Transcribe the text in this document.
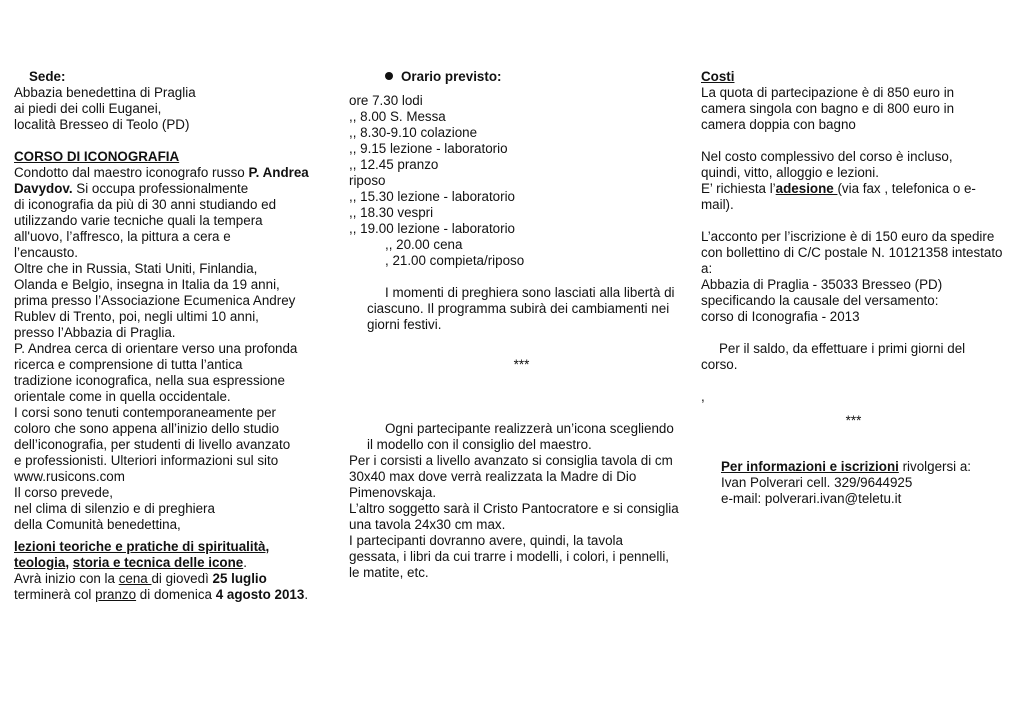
Sede:
Abbazia benedettina di Praglia
ai piedi dei colli Euganei,
località Bresseo di Teolo (PD)
CORSO DI ICONOGRAFIA
Condotto dal maestro iconografo russo P. Andrea
Davydov. Si occupa professionalmente
di iconografia da più di 30 anni studiando ed
utilizzando varie tecniche quali la tempera
all'uovo, l’affresco, la pittura a cera e
l’encausto.
Oltre che in Russia, Stati Uniti, Finlandia,
Olanda e Belgio, insegna in Italia da 19 anni,
prima presso l’Associazione Ecumenica Andrey
Rublev di Trento, poi, negli ultimi 10 anni,
presso l’Abbazia di Praglia.
P. Andrea cerca di orientare verso una profonda
ricerca e comprensione di tutta l’antica
tradizione iconografica, nella sua espressione
orientale come in quella occidentale.
I corsi sono tenuti contemporaneamente per
coloro che sono appena all’inizio dello studio
dell’iconografia, per studenti di livello avanzato
e professionisti. Ulteriori informazioni sul sito
www.rusicons.com
Il corso prevede,
nel clima di silenzio e di preghiera
della Comunità benedettina,
lezioni teoriche e pratiche di spiritualità,
teologia, storia e tecnica delle icone.
Avrà inizio con la cena di giovedì 25 luglio
terminerà col pranzo di domenica 4 agosto 2013.
Orario previsto:
ore 7.30 lodi
,, 8.00 S. Messa
,, 8.30-9.10 colazione
,, 9.15 lezione - laboratorio
,, 12.45 pranzo
riposo
,, 15.30 lezione - laboratorio
,, 18.30 vespri
,, 19.00 lezione - laboratorio
,, 20.00 cena
, 21.00 compieta/riposo
I momenti di preghiera sono lasciati alla libertà di
ciascuno. Il programma subirà dei cambiamenti nei
giorni festivi.
***
Ogni partecipante realizzerà un’icona scegliendo
il modello con il consiglio del maestro.
Per i corsisti a livello avanzato si consiglia tavola di cm
30x40 max dove verrà realizzata la Madre di Dio
Pimenovskaja.
L’altro soggetto sarà il Cristo Pantocratore e si consiglia
una tavola 24x30 cm max.
I partecipanti dovranno avere, quindi, la tavola
gessata, i libri da cui trarre i modelli, i colori, i pennelli,
le matite, etc.
Costi
La quota di partecipazione è di 850 euro in
camera singola con bagno e di 800 euro in
camera doppia con bagno
Nel costo complessivo del corso è incluso,
quindi, vitto, alloggio e lezioni.
E’ richiesta l’adesione (via fax , telefonica o e-
mail).
L’acconto per l’iscrizione è di 150 euro da spedire
con bollettino di C/C postale N. 10121358 intestato
a:
Abbazia di Praglia - 35033 Bresseo (PD)
specificando la causale del versamento:
corso di Iconografia - 2013
Per il saldo, da effettuare i primi giorni del
corso.
,
***
Per informazioni e iscrizioni rivolgersi a:
Ivan Polverari cell. 329/9644925
e-mail: polverari.ivan@teletu.it
